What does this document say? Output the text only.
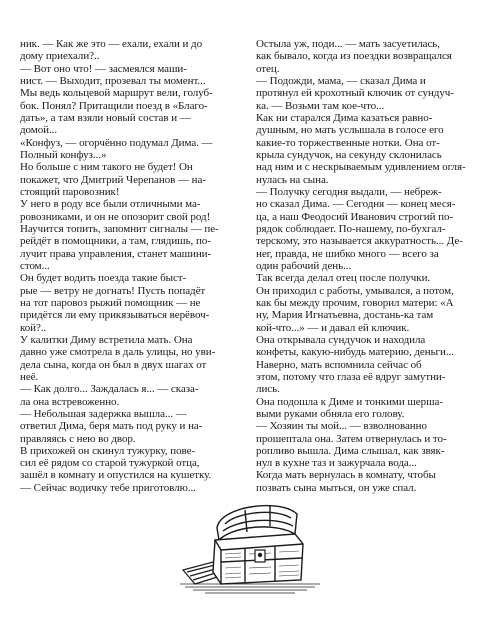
ник. — Как же это — ехали, ехали и до
дому приехали?..
— Вот оно что! — засмеялся маши-
нист. — Выходит, прозевал ты момент...
Мы ведь кольцевой маршрут вели, голуб-
бок. Понял? Притащили поезд в «Благо-
дать», а там взяли новый состав и —
домой...
«Конфуз, — огорчённо подумал Дима. —
Полный конфуз...»
Но больше с ним такого не будет! Он
покажет, что Дмитрий Черепанов — на-
стоящий паровозник!
У него в роду все были отличными ма-
ровозниками, и он не опозорит свой род!
Научится топить, запомнит сигналы — пе-
рейдёт в помощники, а там, глядишь, по-
лучит права управления, станет машини-
стом...
Он будет водить поезда такие быст-
рые — ветру не догнать! Пусть попадёт
на тот паровоз рыжий помощник — не
придётся ли ему прикязываться верёвоч-
кой?..
У калитки Диму встретила мать. Она
давно уже смотрела в даль улицы, но уви-
дела сына, когда он был в двух шагах от
неё.
— Как долго... Заждалась я... — сказа-
ла она встревоженно.
— Небольшая задержка вышла... —
ответил Дима, беря мать под руку и на-
правляясь с нею во двор.
В прихожей он скинул тужурку, пове-
сил её рядом со старой тужуркой отца,
зашёл в комнату и опустился на кушетку.
— Сейчас водичку тебе приготовлю...
Остыла уж, поди... — мать засуетилась,
как бывало, когда из поездки возвращался
отец.
— Подожди, мама, — сказал Дима и
протянул ей крохотный ключик от сундуч-
ка. — Возьми там кое-что...
Как ни старался Дима казаться равно-
душным, но мать услышала в голосе его
какие-то торжественные нотки. Она от-
крыла сундучок, на секунду склонилась
над ним и с нескрываемым удивлением огля-
нулась на сына.
— Получку сегодня выдали, — небреж-
но сказал Дима. — Сегодня — конец меся-
ца, а наш Феодосий Иванович строгий по-
рядок соблюдает. По-нашему, по-бухгал-
терскому, это называется аккуратность... Де-
нег, правда, не шибко много — всего за
один рабочий день...
Так всегда делал отец после получки.
Он приходил с работы, умывался, а потом,
как бы между прочим, говорил матери: «А
ну, Мария Игнатьевна, достань-ка там
кой-что...» — и давал ей ключик.
Она открывала сундучок и находила
конфеты, какую-нибудь материю, деньги...
Наверно, мать вспомнила сейчас об
этом, потому что глаза её вдруг замутни-
лись.
Она подошла к Диме и тонкими шерша-
выми руками обняла его голову.
— Хозяин ты мой... — взволнованно
прошептала она. Затем отвернулась и то-
ропливо вышла. Дима слышал, как звяк-
нул в кухне таз и зажурчала вода...
Когда мать вернулась в комнату, чтобы
позвать сына мыться, он уже спал.
